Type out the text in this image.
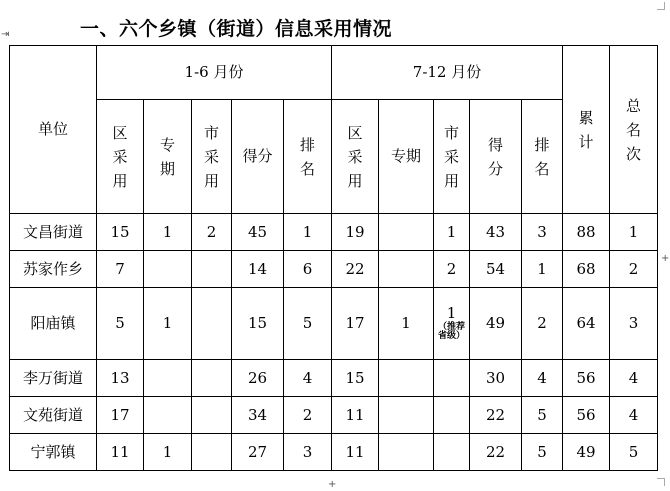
一、六个乡镇（街道）信息采用情况
单位	1-6 月份					7-12 月份					累计	总名次
	区采用	专期	市采用	得分	排名	区采用	专期	市采用	得分	排名		
文昌街道	15	1	2	45	1	19		1	43	3	88	1
苏家作乡	7			14	6	22		2	54	1	68	2
阳庙镇	5	1		15	5	17	1	1
（推荐省级）	49	2	64	3
李万街道	13			26	4	15			30	4	56	4
文苑街道	17			34	2	11			22	5	56	4
宁郭镇	11	1		27	3	11			22	5	49	5
⇥
+
+
